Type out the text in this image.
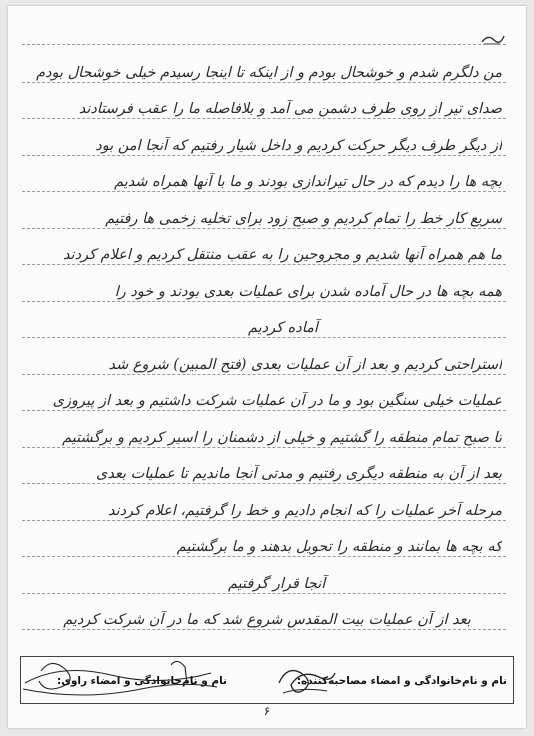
من دلگرم شدم و خوشحال بودم و از اینکه تا اینجا رسیدم خیلی خوشحال بودم
صدای تیر از روی طرف دشمن می آمد و بلافاصله ما را عقب فرستادند
از دیگر طرف دیگر حرکت کردیم و داخل شیار رفتیم که آنجا امن بود
بچه ها را دیدم که در حال تیراندازی بودند و ما با آنها همراه شدیم
سریع کار خط را تمام کردیم و صبح زود برای تخلیه زخمی ها رفتیم
ما هم همراه آنها شدیم و مجروحین را به عقب منتقل کردیم و اعلام کردند
همه بچه ها در حال آماده شدن برای عملیات بعدی بودند و خود را
آماده کردیم
استراحتی کردیم و بعد از آن عملیات بعدی (فتح المبین) شروع شد
عملیات خیلی سنگین بود و ما در آن عملیات شرکت داشتیم و بعد از پیروزی
تا صبح تمام منطقه را گشتیم و خیلی از دشمنان را اسیر کردیم و برگشتیم
بعد از آن به منطقه دیگری رفتیم و مدتی آنجا ماندیم تا عملیات بعدی
مرحله آخر عملیات را که انجام دادیم و خط را گرفتیم، اعلام کردند
که بچه ها بمانند و منطقه را تحویل بدهند و ما برگشتیم
آنجا قرار گرفتیم
بعد از آن عملیات بیت المقدس شروع شد که ما در آن شرکت کردیم
نام و نام‌خانوادگی و امضاء مصاحبه‌کننده:
نام و نام‌خانوادگی و امضاء راوی:
۶
